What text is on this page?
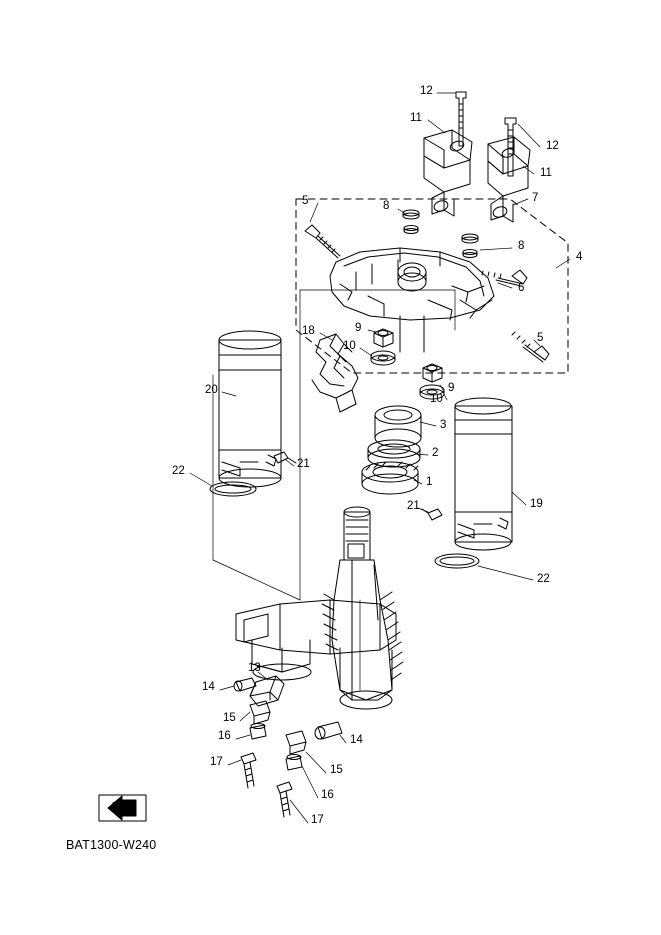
12
11
12
11
7
5	8
8
4
6
5
18	9
10
9
10
20
3
2
22
21
1
21	19
22
13
14
15
14
16
15
17
16
17
FWD
BAT1300-W240
